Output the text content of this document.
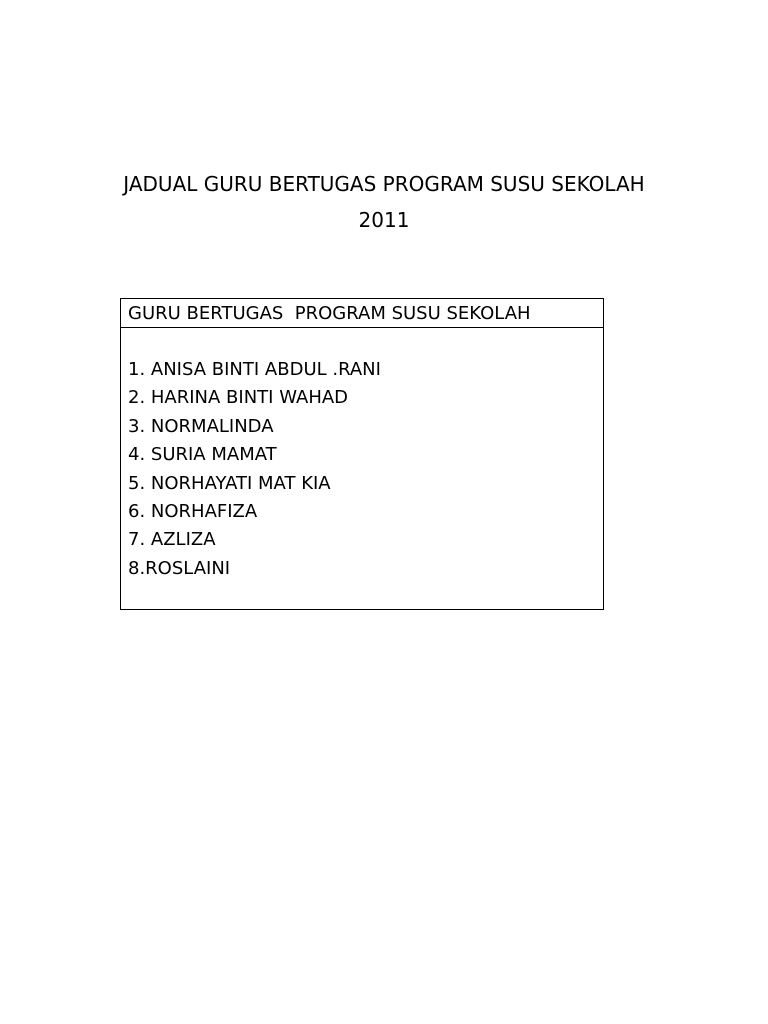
JADUAL GURU BERTUGAS PROGRAM SUSU SEKOLAH
2011
GURU BERTUGAS  PROGRAM SUSU SEKOLAH
1. ANISA BINTI ABDUL .RANI
2. HARINA BINTI WAHAD
3. NORMALINDA
4. SURIA MAMAT
5. NORHAYATI MAT KIA
6. NORHAFIZA
7. AZLIZA
8.ROSLAINI
